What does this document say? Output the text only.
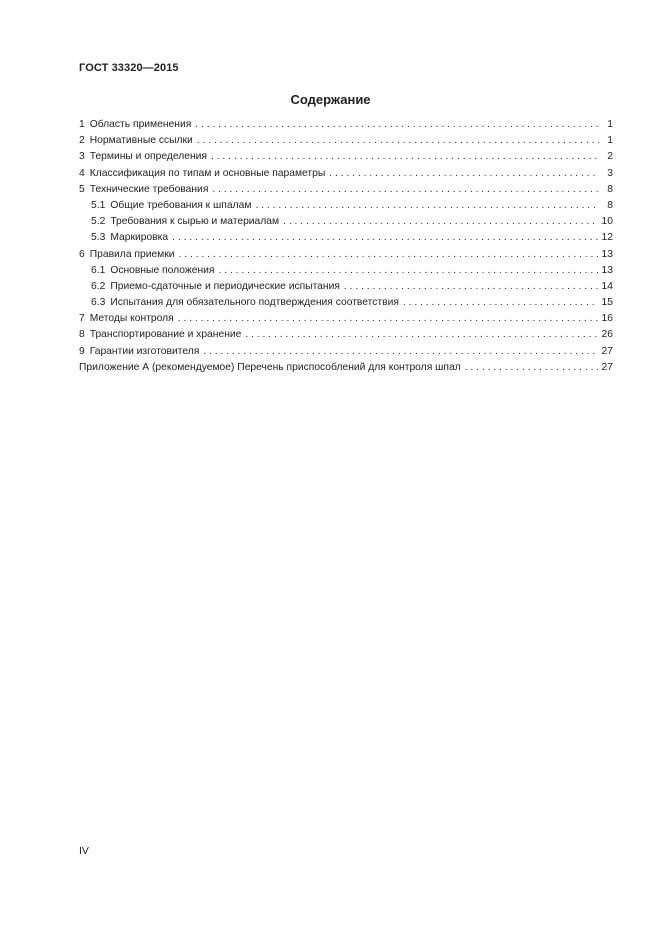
ГОСТ 33320—2015
Содержание
1 Область применения . . .	1
2 Нормативные ссылки . . .	1
3 Термины и определения . . .	2
4 Классификация по типам и основные параметры . . .	3
5 Технические требования . . .	8
5.1 Общие требования к шпалам . . .	8
5.2 Требования к сырью и материалам . . .	10
5.3 Маркировка . . .	12
6 Правила приемки . . .	13
6.1 Основные положения . . .	13
6.2 Приемо-сдаточные и периодические испытания . . .	14
6.3 Испытания для обязательного подтверждения соответствия . . .	15
7 Методы контроля . . .	16
8 Транспортирование и хранение . . .	26
9 Гарантии изготовителя . . .	27
Приложение А (рекомендуемое) Перечень приспособлений для контроля шпал . . .	27
IV
